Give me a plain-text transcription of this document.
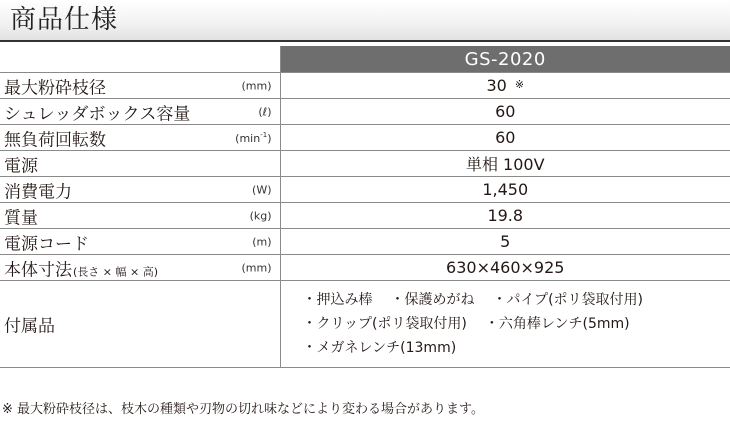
商品仕様
	GS-2020

最大粉砕枝径 (mm)	30 ※

シュレッダボックス容量 (ℓ)	60

無負荷回転数 $(\min^{-1})$	60

電源	単相 100V

消費電力 (W)	1,450

質量 (kg)	19.8

電源コード (m)	5

本体寸法(長さ × 幅 × 高) (mm)	630×460×925

付属品	・押込み棒 ・保護めがね ・パイプ(ポリ袋取付用)
・クリップ(ポリ袋取付用) ・六角棒レンチ(5mm)
・メガネレンチ(13mm)
※ 最大粉砕枝径は、枝木の種類や刃物の切れ味などにより変わる場合があります。
